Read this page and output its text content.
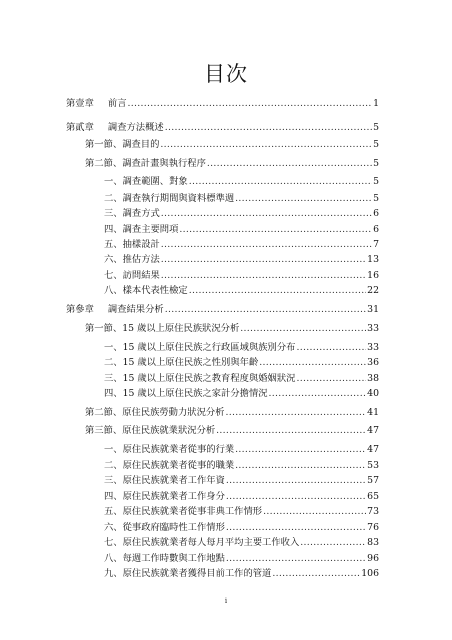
目次
第壹章 前言 .....	1
第貳章 調查方法概述 .....	5
第一節、調查目的 .....	5
第二節、調查計畫與執行程序 .....	5
一、調查範圍、對象 .....	5
二、調查執行期間與資料標準週 .....	5
三、調查方式 .....	6
四、調查主要問項 .....	6
五、抽樣設計 .....	7
六、推估方法 .....	13
七、訪問結果 .....	16
八、樣本代表性檢定 .....	22
第參章 調查結果分析 .....	31
第一節、15 歲以上原住民族狀況分析 .....	33
一、15 歲以上原住民族之行政區域與族別分布 .....	33
二、15 歲以上原住民族之性別與年齡 .....	36
三、15 歲以上原住民族之教育程度與婚姻狀況 .....	38
四、15 歲以上原住民族之家計分擔情況 .....	40
第二節、原住民族勞動力狀況分析 .....	41
第三節、原住民族就業狀況分析 .....	47
一、原住民族就業者從事的行業 .....	47
二、原住民族就業者從事的職業 .....	53
三、原住民族就業者工作年資 .....	57
四、原住民族就業者工作身分 .....	65
五、原住民族就業者從事非典工作情形 .....	73
六、從事政府臨時性工作情形 .....	76
七、原住民族就業者每人每月平均主要工作收入 .....	83
八、每週工作時數與工作地點 .....	96
九、原住民族就業者獲得目前工作的管道 .....	106
i
